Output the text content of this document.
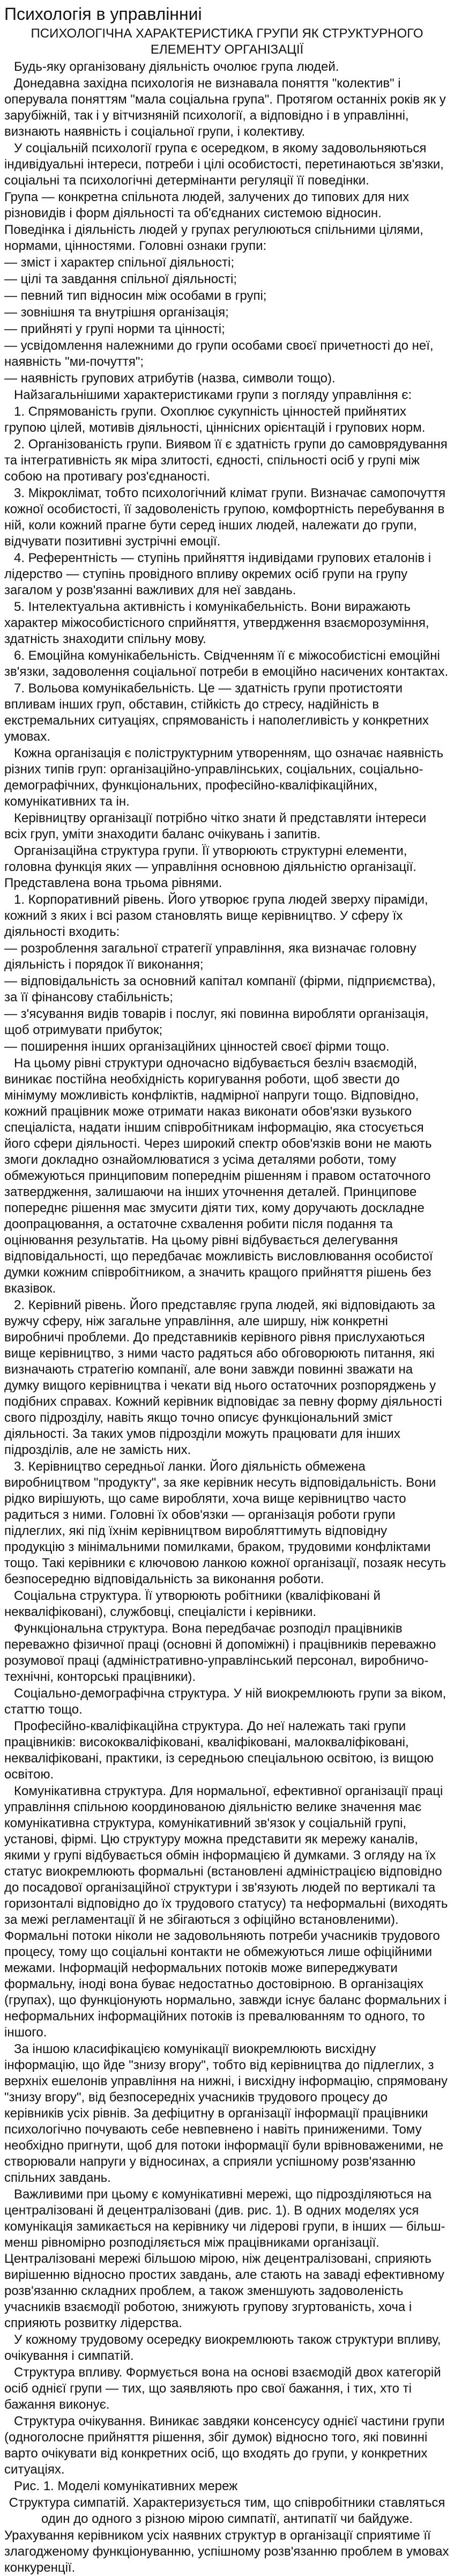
Психологія в управлінниі
ПСИХОЛОГІЧНА ХАРАКТЕРИСТИКА ГРУПИ ЯК СТРУКТУРНОГО ЕЛЕМЕНТУ ОРГАНІЗАЦІЇ

Будь-яку організовану діяльність очолює група людей.

Донедавна західна психологія не визнавала поняття "колектив" і оперувала поняттям "мала соціальна група". Протягом останніх років як у зарубіжній, так і у вітчизняній психології, а відповідно і в управлінні, визнають наявність і соціальної групи, і колективу.

У соціальній психології група є осередком, в якому задовольняються індивідуальні інтереси, потреби і цілі особистості, перетинаються зв'язки, соціальні та психологічні детермінанти регуляції її поведінки.

Група — конкретна спільнота людей, залучених до типових для них різновидів і форм діяльності та об'єднаних системою відносин.

Поведінка і діяльність людей у групах регулюються спільними цілями, нормами, цінностями. Головні ознаки групи:

— зміст і характер спільної діяльності;

— цілі та завдання спільної діяльності;

— певний тип відносин між особами в групі;

— зовнішня та внутрішня організація;

— прийняті у групі норми та цінності;

— усвідомлення належними до групи особами своєї причетності до неї, наявність "ми-почуття";

— наявність групових атрибутів (назва, символи тощо).

Найзагальнішими характеристиками групи з погляду управління є:

1. Спрямованість групи. Охоплює сукупність цінностей прийнятих групою цілей, мотивів діяльності, ціннісних орієнтацій і групових норм.

2. Організованість групи. Виявом її є здатність групи до самоврядування та інтегративність як міра злитості, єдності, спільності осіб у групі між собою на противагу роз'єднаності.

3. Мікроклімат, тобто психологічний клімат групи. Визначає самопочуття кожної особистості, її задоволеність групою, комфортність перебування в ній, коли кожний прагне бути серед інших людей, належати до групи, відчувати позитивні зустрічні емоції.

4. Референтність — ступінь прийняття індивідами групових еталонів і лідерство — ступінь провідного впливу окремих осіб групи на групу загалом у розв'язанні важливих для неї завдань.

5. Інтелектуальна активність і комунікабельність. Вони виражають характер міжособистісного сприйняття, утвердження взаєморозуміння, здатність знаходити спільну мову.

6. Емоційна комунікабельність. Свідченням її є міжособистісні емоційні зв'язки, задоволення соціальної потреби в емоційно насичених контактах.

7. Вольова комунікабельність. Це — здатність групи протистояти впливам інших груп, обставин, стійкість до стресу, надійність в екстремальних ситуаціях, спрямованість і наполегливість у конкретних умовах.

Кожна організація є поліструктурним утворенням, що означає наявність різних типів груп: організаційно-управлінських, соціальних, соціально-демографічних, функціональних, професійно-кваліфікаційних, комунікативних та ін.

Керівництву організації потрібно чітко знати й представляти інтереси всіх груп, уміти знаходити баланс очікувань і запитів.

Організаційна структура групи. Її утворюють структурні елементи, головна функція яких — управління основною діяльністю організації. Представлена вона трьома рівнями.

1. Корпоративний рівень. Його утворює група людей зверху піраміди, кожний з яких і всі разом становлять вище керівництво. У сферу їх діяльності входить:

— розроблення загальної стратегії управління, яка визначає головну діяльність і порядок її виконання;

— відповідальність за основний капітал компанії (фірми, підприємства), за її фінансову стабільність;

— з'ясування видів товарів і послуг, які повинна виробляти організація, щоб отримувати прибуток;

— поширення інших організаційних цінностей своєї фірми тощо.

На цьому рівні структури одночасно відбувається безліч взаємодій, виникає постійна необхідність коригування роботи, щоб звести до мінімуму можливість конфліктів, надмірної напруги тощо. Відповідно, кожний працівник може отримати наказ виконати обов'язки вузького спеціаліста, надати іншим співробітникам інформацію, яка стосується його сфери діяльності. Через широкий спектр обов'язків вони не мають змоги докладно ознайомлюватися з усіма деталями роботи, тому обмежуються принциповим попереднім рішенням і правом остаточного затвердження, залишаючи на інших уточнення деталей. Принципове попереднє рішення має змусити діяти тих, кому доручають доскладне доопрацювання, а остаточне схвалення робити після подання та оцінювання результатів. На цьому рівні відбувається делегування відповідальності, що передбачає можливість висловлювання особистої думки кожним співробітником, а значить кращого прийняття рішень без вказівок.

2. Керівний рівень. Його представляє група людей, які відповідають за вужчу сферу, ніж загальне управління, але ширшу, ніж конкретні виробничі проблеми. До представників керівного рівня прислухаються вище керівництво, з ними часто радяться або обговорюють питання, які визначають стратегію компанії, але вони завжди повинні зважати на думку вищого керівництва і чекати від нього остаточних розпоряджень у подібних справах. Кожний керівник відповідає за певну форму діяльності свого підрозділу, навіть якщо точно описує функціональний зміст діяльності. За таких умов підрозділи можуть працювати для інших підрозділів, але не замість них.

3. Керівництво середньої ланки. Його діяльність обмежена виробництвом "продукту", за яке керівник несуть відповідальність. Вони рідко вирішують, що саме виробляти, хоча вище керівництво часто радиться з ними. Головні їх обов'язки — організація роботи групи підлеглих, які під їхнім керівництвом виробляттимуть відповідну продукцію з мінімальними помилками, браком, трудовими конфліктами тощо. Такі керівники є ключовою ланкою кожної організації, позаяк несуть безпосередню відповідальність за виконання роботи.

Соціальна структура. Її утворюють робітники (кваліфіковані й некваліфіковані), службовці, спеціалісти і керівники.

Функціональна структура. Вона передбачає розподіл працівників переважно фізичної праці (основні й допоміжні) і працівників переважно розумової праці (адміністративно-управлінський персонал, виробничо-технічні, конторські працівники).

Соціально-демографічна структура. У ній виокремлюють групи за віком, статтю тощо.

Професійно-кваліфікаційна структура. До неї належать такі групи працівників: висококваліфіковані, кваліфіковані, малокваліфіковані, некваліфіковані, практики, із середньою спеціальною освітою, із вищою освітою.

Комунікативна структура. Для нормальної, ефективної організації праці управління спільною координованою діяльністю велике значення має комунікативна структура, комунікативний зв'язок у соціальній групі, установі, фірмі. Цю структуру можна представити як мережу каналів, якими у групі відбувається обмін інформацією й думками. З огляду на їх статус виокремлюють формальні (встановлені адміністрацією відповідно до посадової організаційної структури і зв'язують людей по вертикалі та горизонталі відповідно до їх трудового статусу) та неформальні (виходять за межі регламентації й не збігаються з офіційно встановленими). Формальні потоки ніколи не задовольняють потреби учасників трудового процесу, тому що соціальні контакти не обмежуються лише офіційними межами. Інформацій неформальних потоків може випереджувати формальну, іноді вона буває недостатньо достовірною. В організаціях (групах), що функціонують нормально, завжди існує баланс формальних і неформальних інформаційних потоків із превалюванням то одного, то іншого.

За іншою класифікацією комунікації виокремлюють висхідну інформацію, що йде "знизу вгору", тобто від керівництва до підлеглих, з верхніх ешелонів управління на нижні, і висхідну інформацію, спрямовану "знизу вгору", від безпосередніх учасників трудового процесу до керівників усіх рівнів. За дефіцитну в організації інформації працівники психологічно почувають себе невпевнено і навіть приниженими. Тому необхідно пригнути, щоб для потоки інформації були врівноваженими, не створювали напруги у відносинах, а сприяли успішному розв'язанню спільних завдань.

Важливими при цьому є комунікативні мережі, що підрозділяються на централізовані й децентралізовані (див. рис. 1). В одних моделях уся комунікація замикається на керівнику чи лідерові групи, в інших — більш-менш рівномірно розподіляється між працівниками організації. Централізовані мережі більшою мірою, ніж децентралізовані, сприяють вирішенню відносно простих завдань, але стають на заваді ефективному розв'язанню складних проблем, а також зменшують задоволеність учасників взаємодії роботою, знижують групову згуртованість, хоча і сприяють розвитку лідерства.

У кожному трудовому осередку виокремлюють також структури впливу, очікування і симпатій.

Структура впливу. Формується вона на основі взаємодій двох категорій осіб однієї групи — тих, що заявляють про свої бажання, і тих, хто ті бажання виконує.

Структура очікування. Виникає завдяки консенсусу однієї частини групи (одноголосне прийняття рішення, збіг думок) відносно того, які повинні варто очікувати від конкретних осіб, що входять до групи, у конкретних ситуаціях.

Рис. 1. Моделі комунікативних мереж

Структура симпатій. Характеризується тим, що співробітники ставляться один до одного з різною мірою симпатії, антипатії чи байдуже.

Урахування керівником усіх наявних структур в організації сприятиме її злагодженому функціонуванню, успішному розв'язанню проблем в умовах конкуренції.
